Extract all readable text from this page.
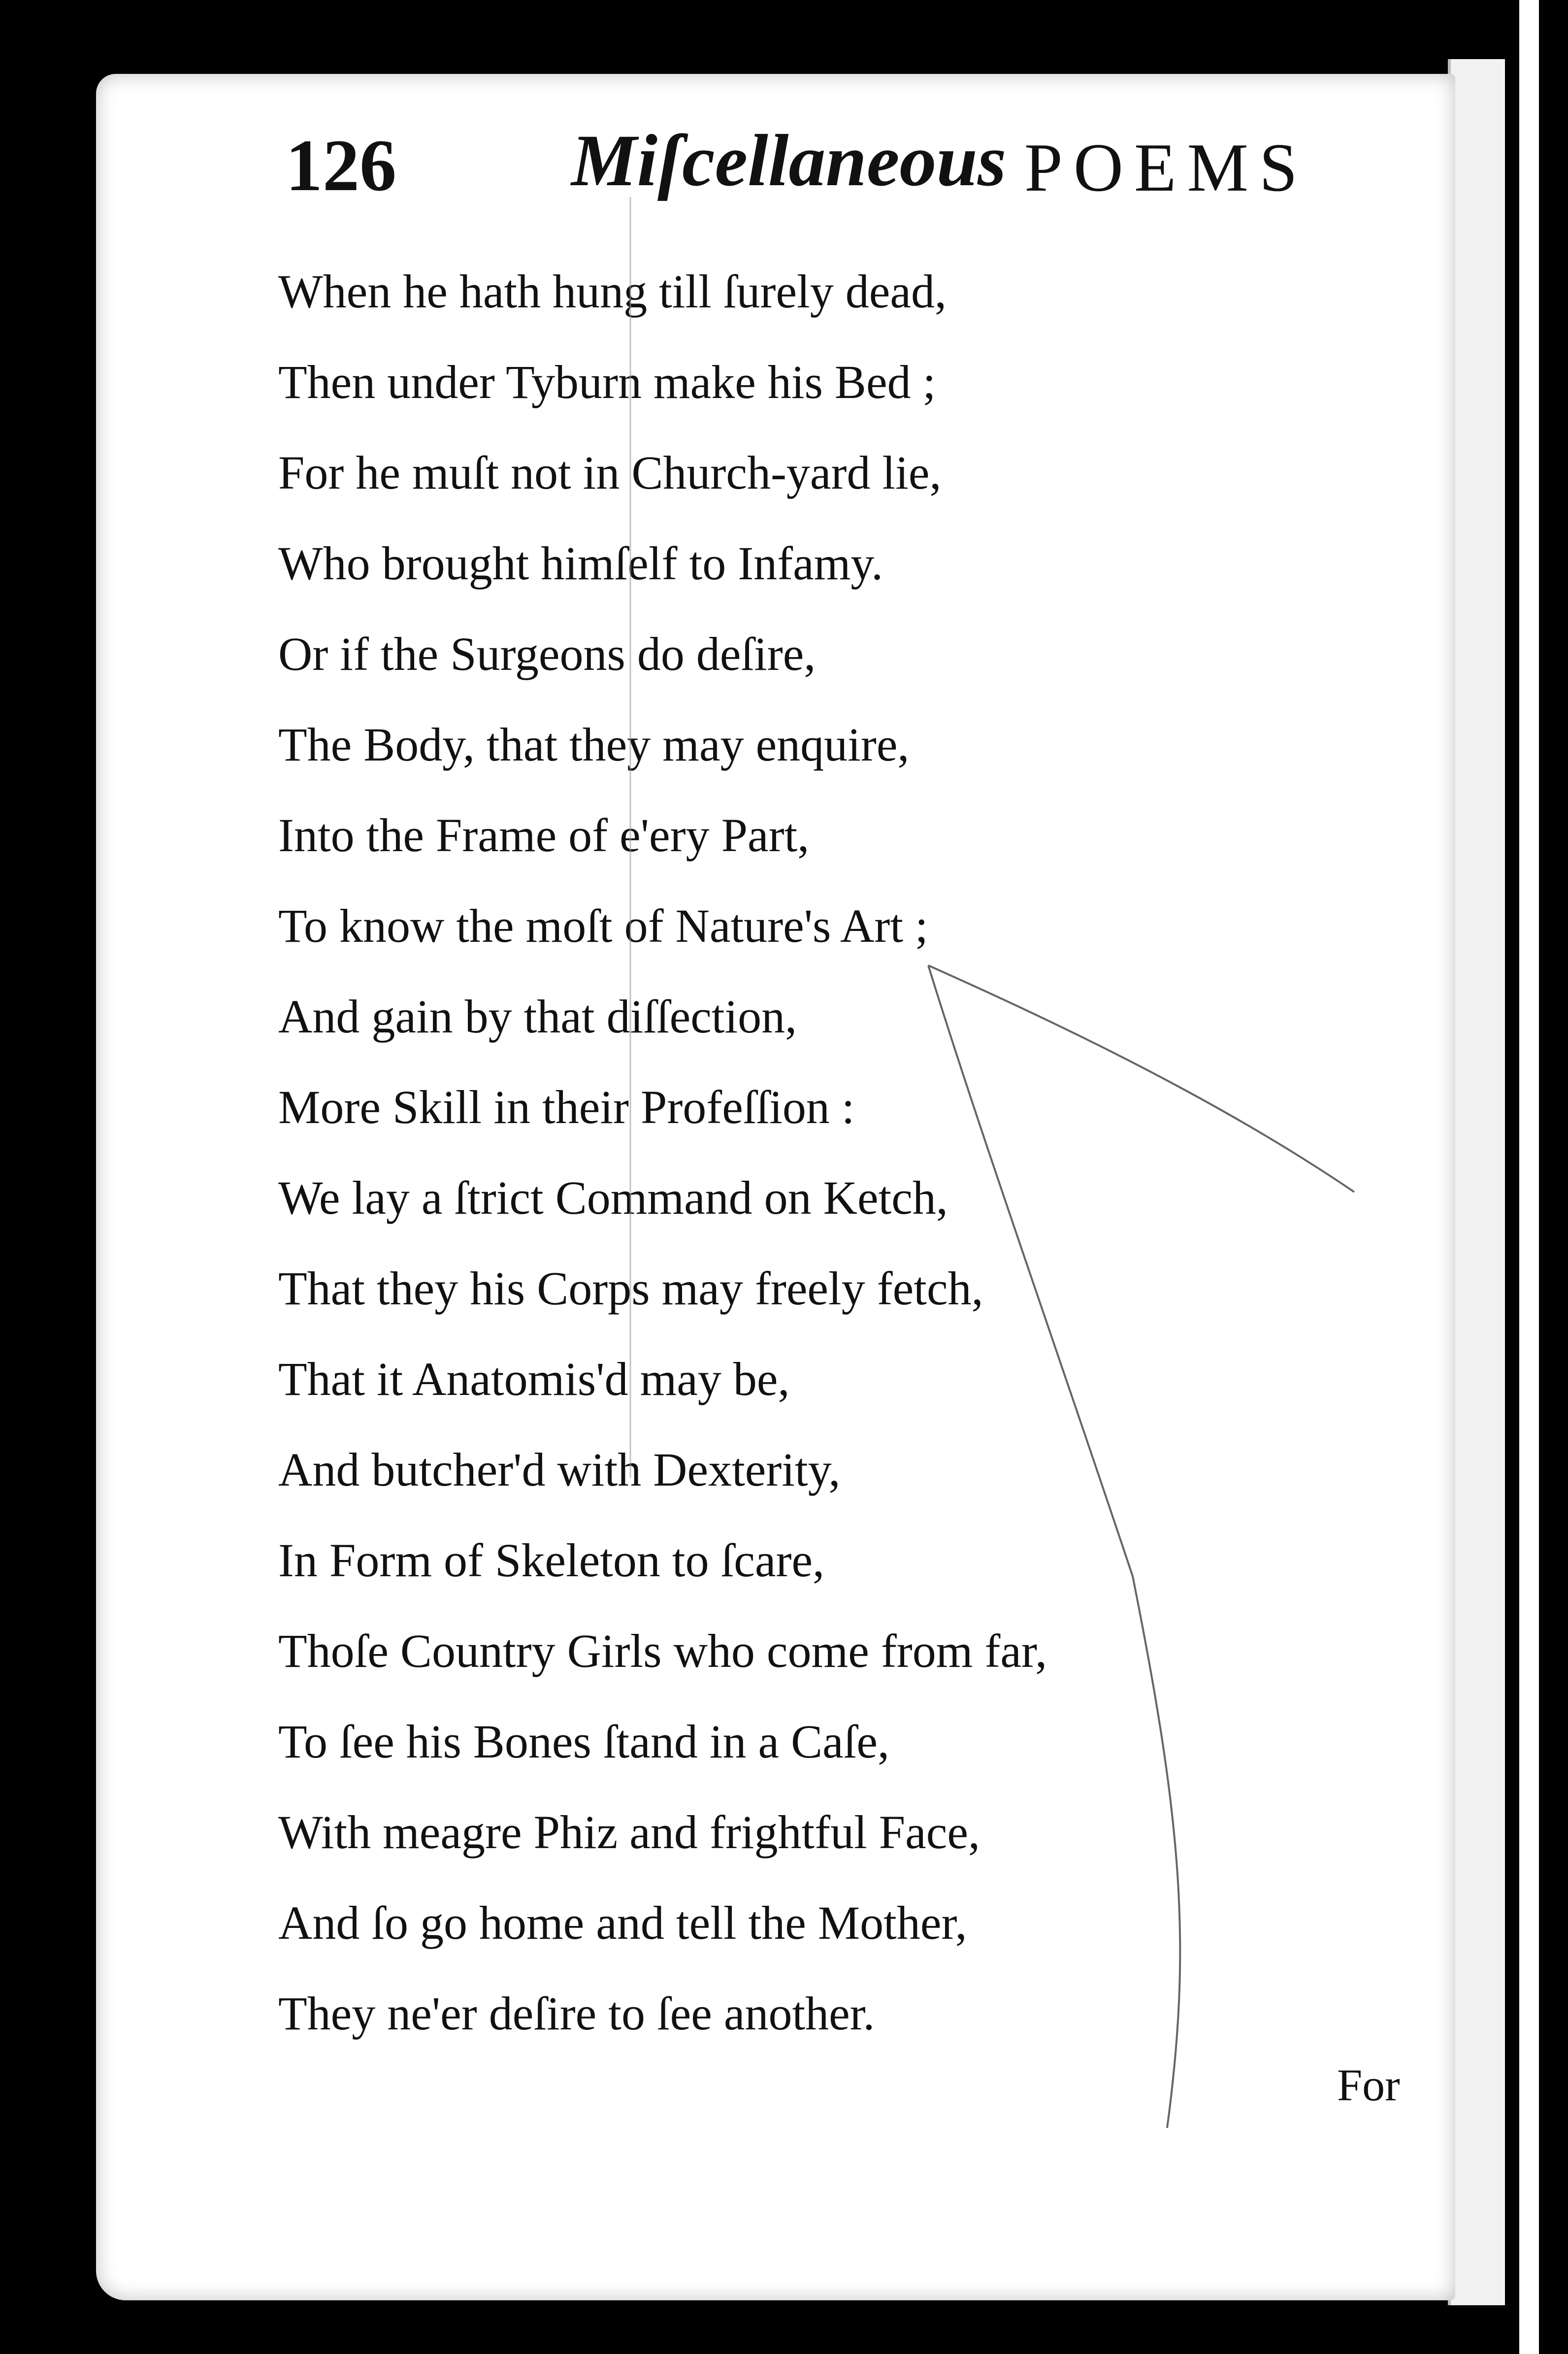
126 Miſcellaneous POEMS
When he hath hung till ſurely dead,
Then under Tyburn make his Bed ;
For he muſt not in Church-yard lie,
Who brought himſelf to Infamy.
Or if the Surgeons do deſire,
The Body, that they may enquire,
Into the Frame of e'ery Part,
To know the moſt of Nature's Art ;
And gain by that diſſection,
More Skill in their Profeſſion :
We lay a ſtrict Command on Ketch,
That they his Corps may freely fetch,
That it Anatomis'd may be,
And butcher'd with Dexterity,
In Form of Skeleton to ſcare,
Thoſe Country Girls who come from far,
To ſee his Bones ſtand in a Caſe,
With meagre Phiz and frightful Face,
And ſo go home and tell the Mother,
They ne'er deſire to ſee another.
For
